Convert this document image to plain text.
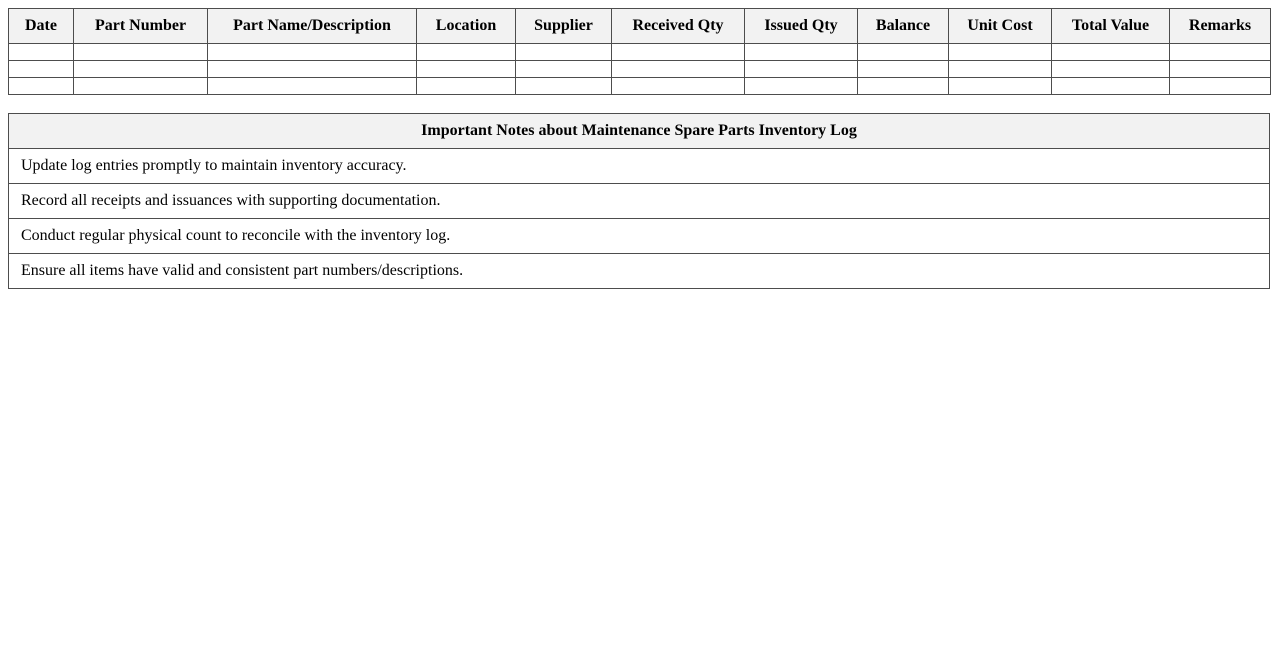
Date	Part Number	Part Name/Description	Location	Supplier	Received Qty	Issued Qty	Balance	Unit Cost	Total Value	Remarks

Important Notes about Maintenance Spare Parts Inventory Log
Update log entries promptly to maintain inventory accuracy.
Record all receipts and issuances with supporting documentation.
Conduct regular physical count to reconcile with the inventory log.
Ensure all items have valid and consistent part numbers/descriptions.
